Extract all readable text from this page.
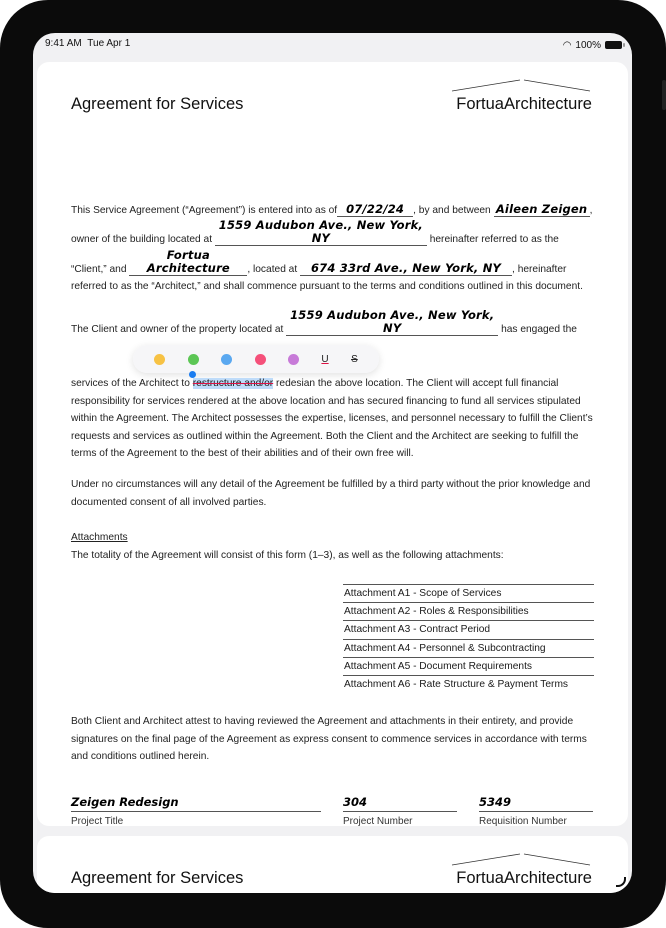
9:41 AM Tue Apr 1	◠ 100%
Agreement for Services	FortuaArchitecture
This Service Agreement (“Agreement”) is entered into as of 07/22/24 , by and between Aileen Zeigen , owner of the building located at 1559 Audubon Ave., New York, NY	hereinafter referred to as the “Client,” and Fortua Architecture , located at 674 33rd Ave., New York, NY , hereinafter referred to as the “Architect,” and shall commence pursuant to the terms and conditions outlined in this document.
U S
The Client and owner of the property located at 1559 Audubon Ave., New York, NY	has engaged the services of the Architect to restructure and/or redesian the above location. The Client will accept full financial responsibility for services rendered at the above location and has secured financing to fund all services stipulated within the Agreement. The Architect possesses the expertise, licenses, and personnel necessary to fulfill the Client’s requests and services as outlined within the Agreement. Both the Client and the Architect are seeking to fulfill the terms of the Agreement to the best of their abilities and of their own free will.
Under no circumstances will any detail of the Agreement be fulfilled by a third party without the prior knowledge and documented consent of all involved parties.
Attachments
The totality of the Agreement will consist of this form (1–3), as well as the following attachments:
Attachment A1 - Scope of Services
Attachment A2 - Roles & Responsibilities
Attachment A3 - Contract Period
Attachment A4 - Personnel & Subcontracting
Attachment A5 - Document Requirements
Attachment A6 - Rate Structure & Payment Terms
Both Client and Architect attest to having reviewed the Agreement and attachments in their entirety, and provide signatures on the final page of the Agreement as express consent to commence services in accordance with terms and conditions outlined herein.
Zeigen Redesign
Project Title
304
Project Number
5349
Requisition Number
Agreement for Services	FortuaArchitecture
